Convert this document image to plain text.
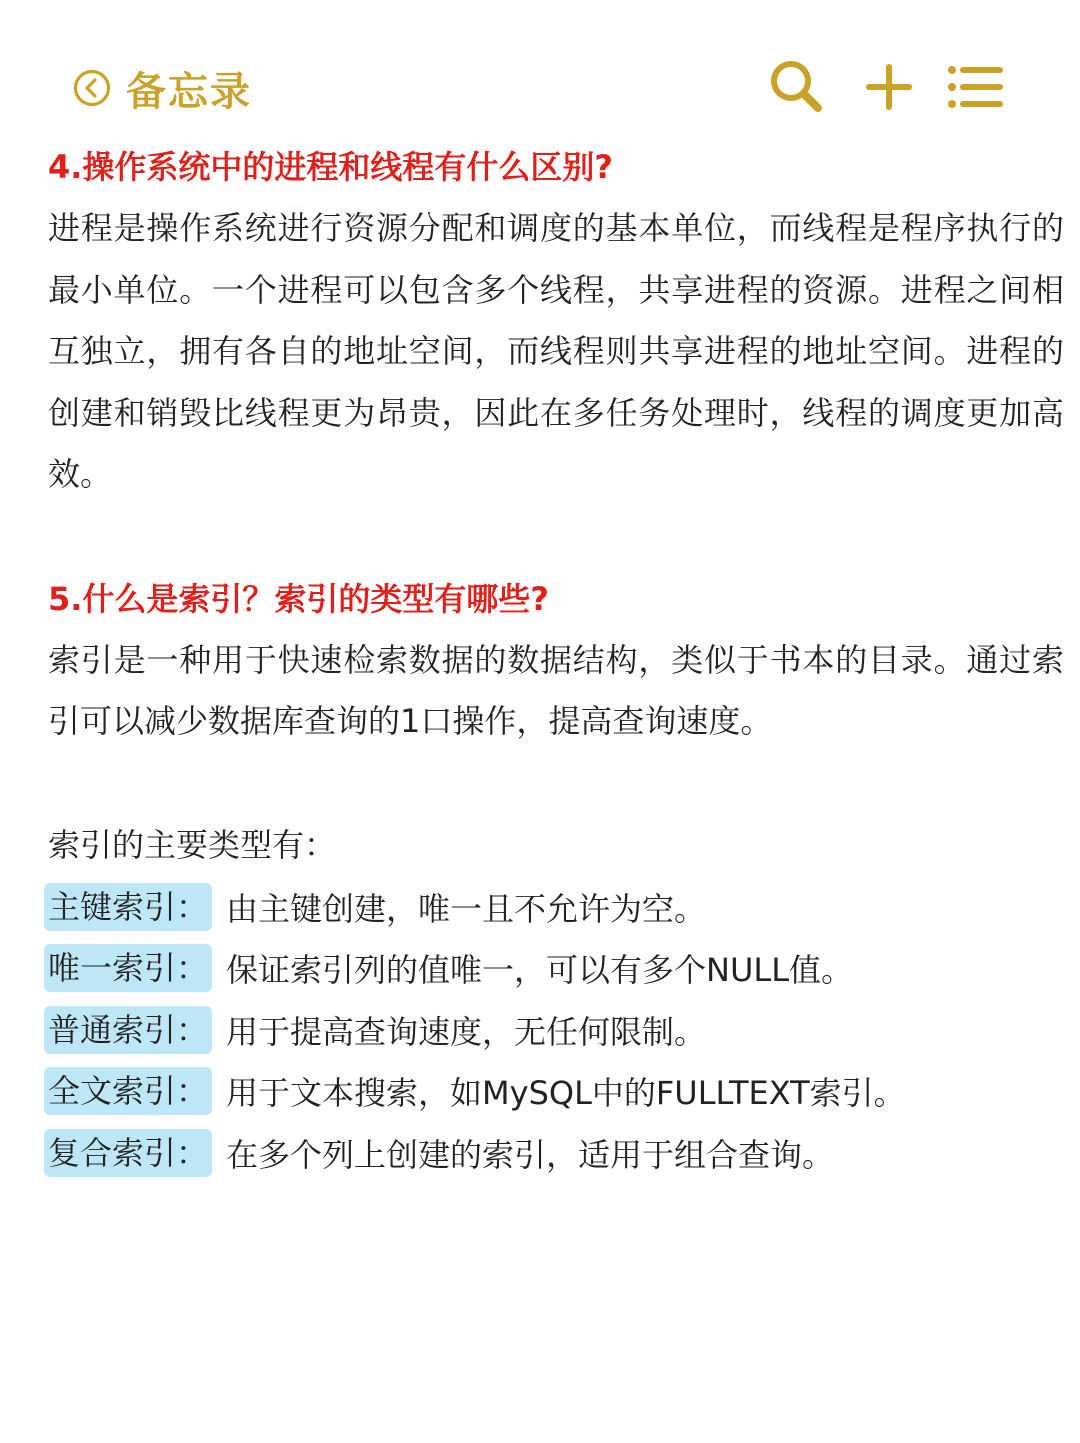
备忘录

4.操作系统中的进程和线程有什么区别?

进程是操作系统进行资源分配和调度的基本单位，而线程是程序执行的最小单位。一个进程可以包含多个线程，共享进程的资源。进程之间相互独立，拥有各自的地址空间，而线程则共享进程的地址空间。进程的创建和销毁比线程更为昂贵，因此在多任务处理时，线程的调度更加高效。

5.什么是索引？索引的类型有哪些?

索引是一种用于快速检索数据的数据结构，类似于书本的目录。通过索引可以减少数据库查询的1口操作，提高查询速度。

索引的主要类型有：

主键索引： 由主键创建，唯一且不允许为空。
唯一索引： 保证索引列的值唯一，可以有多个NULL值。
普通索引： 用于提高查询速度，无任何限制。
全文索引： 用于文本搜索，如MySQL中的FULLTEXT索引。
复合索引： 在多个列上创建的索引，适用于组合查询。
